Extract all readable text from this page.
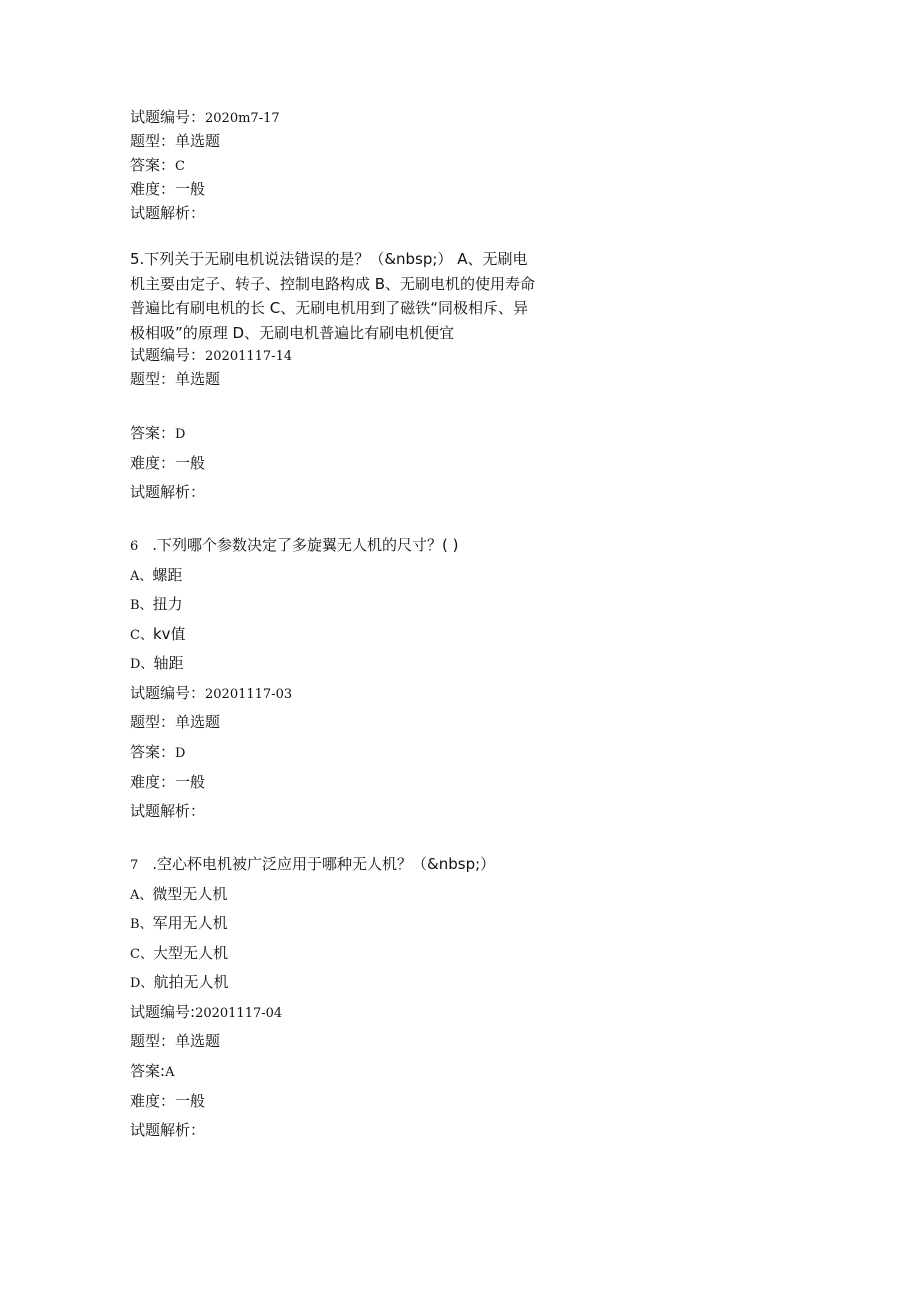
试题编号：2020m7-17
题型：单选题
答案：C
难度：一般
试题解析：
5.下列关于无刷电机说法错误的是？（&nbsp;） A、无刷电机主要由定子、转子、控制电路构成 B、无刷电机的使用寿命普遍比有刷电机的长 C、无刷电机用到了磁铁“同极相斥、异极相吸”的原理 D、无刷电机普遍比有刷电机便宜
试题编号：20201117-14
题型：单选题
答案：D
难度：一般
试题解析：
6 .下列哪个参数决定了多旋翼无人机的尺寸？( )
A、螺距
B、扭力
C、kv值
D、轴距
试题编号：20201117-03
题型：单选题
答案：D
难度：一般
试题解析：
7 .空心杯电机被广泛应用于哪种无人机？（&nbsp;）
A、微型无人机
B、军用无人机
C、大型无人机
D、航拍无人机
试题编号:20201117-04
题型：单选题
答案:A
难度：一般
试题解析：
